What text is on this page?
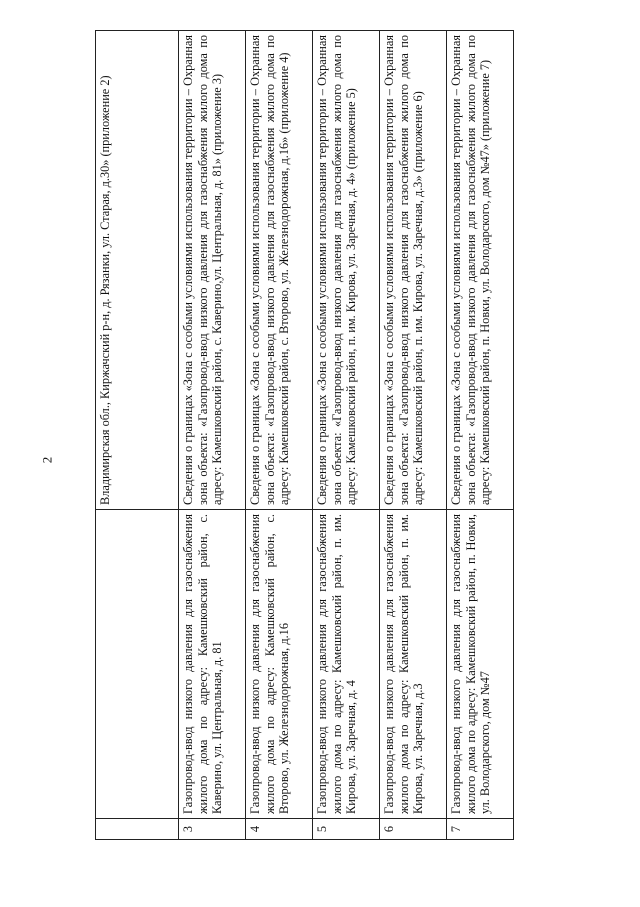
2
			Владимирская обл., Киржачский р-н, д. Рязанки, ул. Старая, д.30» (приложение 2)
3	Газопровод-ввод низкого давления для газоснабжения жилого дома по адресу: Камешковский район, с. Каверино, ул. Центральная, д. 81	Сведения о границах «Зона с особыми условиями использования территории – Охранная зона объекта: «Газопровод-ввод низкого давления для газоснабжения жилого дома по адресу: Камешковский район, с. Каверино,ул. Центральная, д. 81» (приложение 3)
4	Газопровод-ввод низкого давления для газоснабжения жилого дома по адресу: Камешковский район, с. Второво, ул. Железнодорожная, д.16	Сведения о границах «Зона с особыми условиями использования территории – Охранная зона объекта: «Газопровод-ввод низкого давления для газоснабжения жилого дома по адресу: Камешковский район, с. Второво, ул. Железнодорожная, д.16» (приложение 4)
5	Газопровод-ввод низкого давления для газоснабжения жилого дома по адресу: Камешковский район, п. им. Кирова, ул. Заречная, д. 4	Сведения о границах «Зона с особыми условиями использования территории – Охранная зона объекта: «Газопровод-ввод низкого давления для газоснабжения жилого дома по адресу: Камешковский район, п. им. Кирова, ул. Заречная, д. 4» (приложение 5)
6	Газопровод-ввод низкого давления для газоснабжения жилого дома по адресу: Камешковский район, п. им. Кирова, ул. Заречная, д.3	Сведения о границах «Зона с особыми условиями использования территории – Охранная зона объекта: «Газопровод-ввод низкого давления для газоснабжения жилого дома по адресу: Камешковский район, п. им. Кирова, ул. Заречная, д.3» (приложение 6)
7	Газопровод-ввод низкого давления для газоснабжения жилого дома по адресу: Камешковский район, п. Новки, ул. Володарского, дом №47	Сведения о границах «Зона с особыми условиями использования территории – Охранная зона объекта: «Газопровод-ввод низкого давления для газоснабжения жилого дома по адресу: Камешковский район, п. Новки, ул. Володарского, дом №47» (приложение 7)
